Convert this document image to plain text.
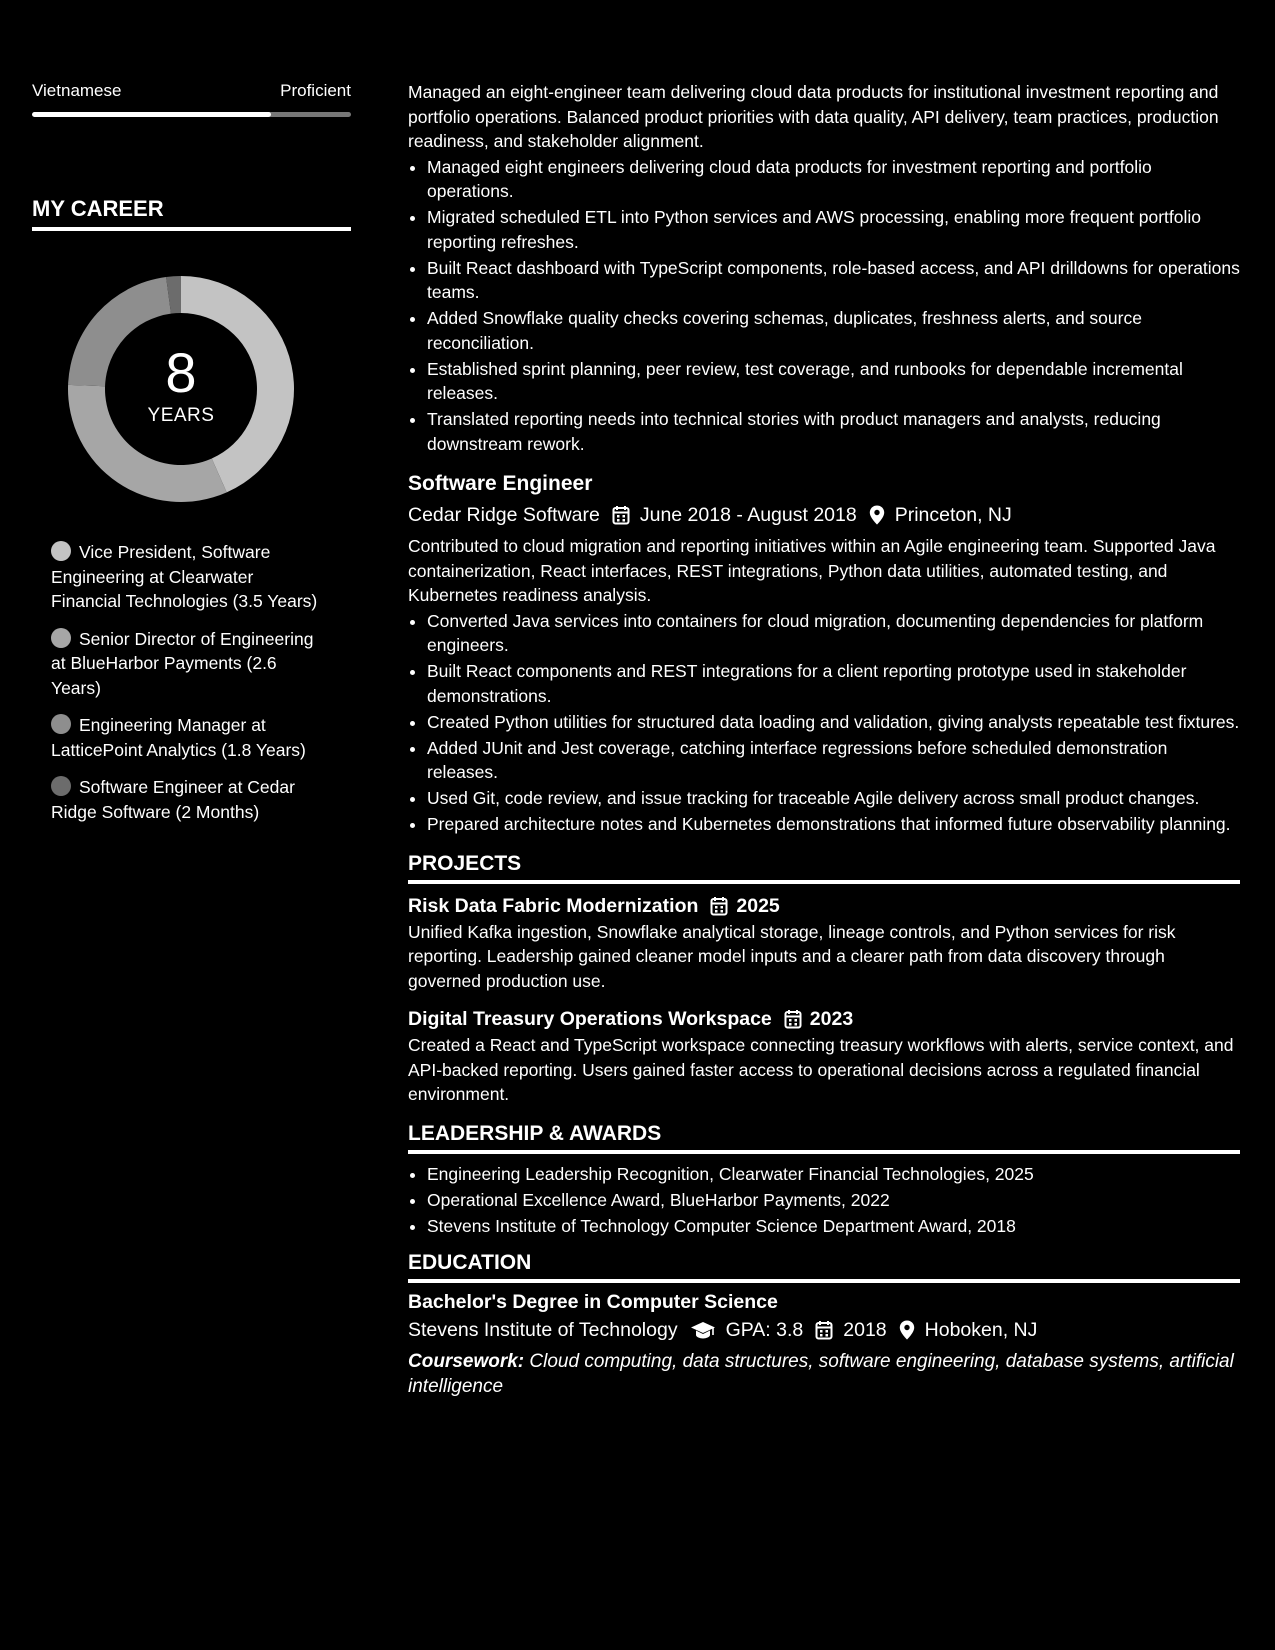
Vietnamese	Proficient
MY CAREER
8
YEARS
Vice President, Software Engineering at Clearwater Financial Technologies (3.5 Years)
Senior Director of Engineering at BlueHarbor Payments (2.6 Years)
Engineering Manager at LatticePoint Analytics (1.8 Years)
Software Engineer at Cedar Ridge Software (2 Months)

Managed an eight-engineer team delivering cloud data products for institutional investment reporting and portfolio operations. Balanced product priorities with data quality, API delivery, team practices, production readiness, and stakeholder alignment.

• Managed eight engineers delivering cloud data products for investment reporting and portfolio operations.
• Migrated scheduled ETL into Python services and AWS processing, enabling more frequent portfolio reporting refreshes.
• Built React dashboard with TypeScript components, role-based access, and API drilldowns for operations teams.
• Added Snowflake quality checks covering schemas, duplicates, freshness alerts, and source reconciliation.
• Established sprint planning, peer review, test coverage, and runbooks for dependable incremental releases.
• Translated reporting needs into technical stories with product managers and analysts, reducing downstream rework.
Software Engineer
Cedar Ridge Software June 2018 - August 2018 Princeton, NJ

Contributed to cloud migration and reporting initiatives within an Agile engineering team. Supported Java containerization, React interfaces, REST integrations, Python data utilities, automated testing, and Kubernetes readiness analysis.

• Converted Java services into containers for cloud migration, documenting dependencies for platform engineers.
• Built React components and REST integrations for a client reporting prototype used in stakeholder demonstrations.
• Created Python utilities for structured data loading and validation, giving analysts repeatable test fixtures.
• Added JUnit and Jest coverage, catching interface regressions before scheduled demonstration releases.
• Used Git, code review, and issue tracking for traceable Agile delivery across small product changes.
• Prepared architecture notes and Kubernetes demonstrations that informed future observability planning.
PROJECTS
Risk Data Fabric Modernization 2025

Unified Kafka ingestion, Snowflake analytical storage, lineage controls, and Python services for risk reporting. Leadership gained cleaner model inputs and a clearer path from data discovery through governed production use.

Digital Treasury Operations Workspace 2023

Created a React and TypeScript workspace connecting treasury workflows with alerts, service context, and API-backed reporting. Users gained faster access to operational decisions across a regulated financial environment.

LEADERSHIP & AWARDS
• Engineering Leadership Recognition, Clearwater Financial Technologies, 2025
• Operational Excellence Award, BlueHarbor Payments, 2022
• Stevens Institute of Technology Computer Science Department Award, 2018
EDUCATION
Bachelor's Degree in Computer Science
Stevens Institute of Technology GPA: 3.8 2018 Hoboken, NJ
Coursework: Cloud computing, data structures, software engineering, database systems, artificial intelligence
